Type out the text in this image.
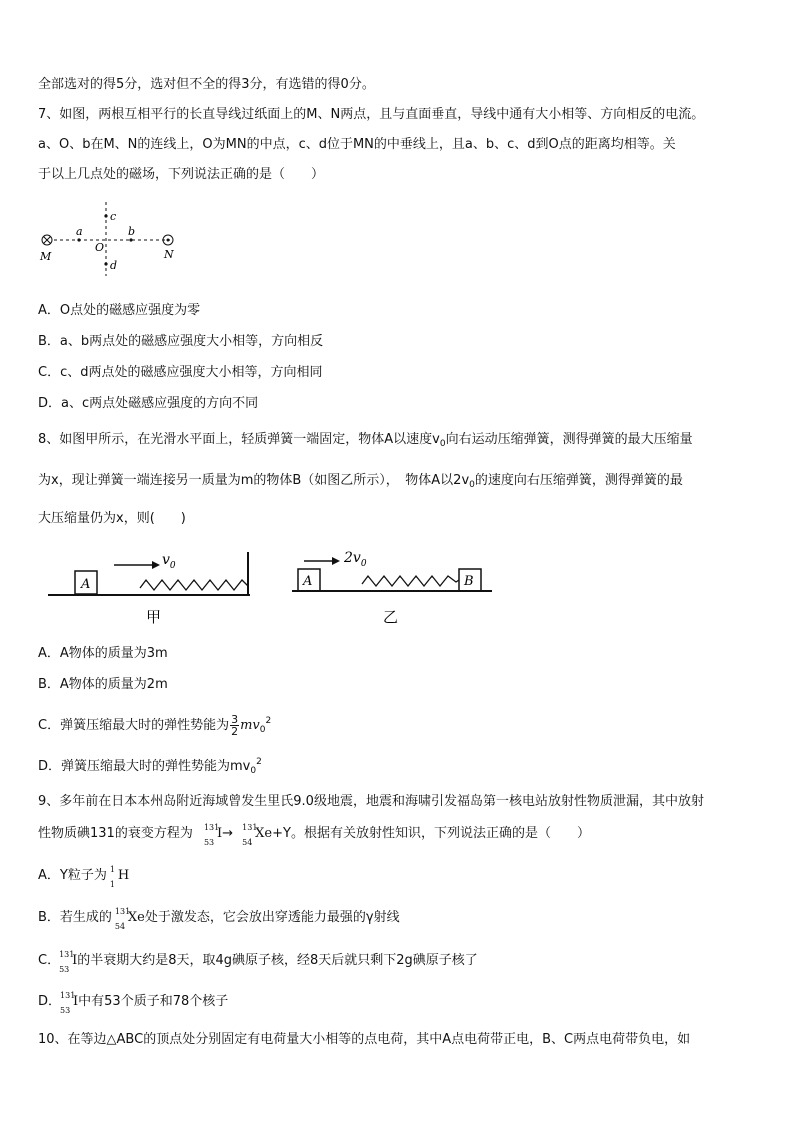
全部选对的得5分，选对但不全的得3分，有选错的得0分。
7、如图，两根互相平行的长直导线过纸面上的M、N两点，且与直面垂直，导线中通有大小相等、方向相反的电流。
a、O、b在M、N的连线上，O为MN的中点，c、d位于MN的中垂线上，且a、b、c、d到O点的距离均相等。关
于以上几点处的磁场，下列说法正确的是（　　）
M	N
O
a	b
c
d
A．O点处的磁感应强度为零
B．a、b两点处的磁感应强度大小相等，方向相反
C．c、d两点处的磁感应强度大小相等，方向相同
D．a、c两点处磁感应强度的方向不同
8、如图甲所示，在光滑水平面上，轻质弹簧一端固定，物体A以速度$v_0$向右运动压缩弹簧，测得弹簧的最大压缩量
为x，现让弹簧一端连接另一质量为m的物体B（如图乙所示），　物体A以$2v_0$的速度向右压缩弹簧，测得弹簧的最
大压缩量仍为x，则(　　)
A
$v_0$
甲
A	B
$2v_0$
乙
A．A物体的质量为3m
B．A物体的质量为2m
C．弹簧压缩最大时的弹性势能为 $\frac{3}{2} mv_0^2$
D．弹簧压缩最大时的弹性势能为$mv_0^2$
9、多年前在日本本州岛附近海域曾发生里氏9.0级地震，地震和海啸引发福岛第一核电站放射性物质泄漏，其中放射
性物质碘131的衰变方程为 131
53
I→ 131
54
Xe+Y。根据有关放射性知识，下列说法正确的是（　　）
A．Y粒子为 1
1
H
B．若生成的 131
54
Xe处于激发态，它会放出穿透能力最强的γ射线
C． 131
53
I的半衰期大约是8天，取4g碘原子核，经8天后就只剩下2g碘原子核了
D． 131
53
I中有53个质子和78个核子
10、在等边△ABC的顶点处分别固定有电荷量大小相等的点电荷，其中A点电荷带正电，B、C两点电荷带负电，如
